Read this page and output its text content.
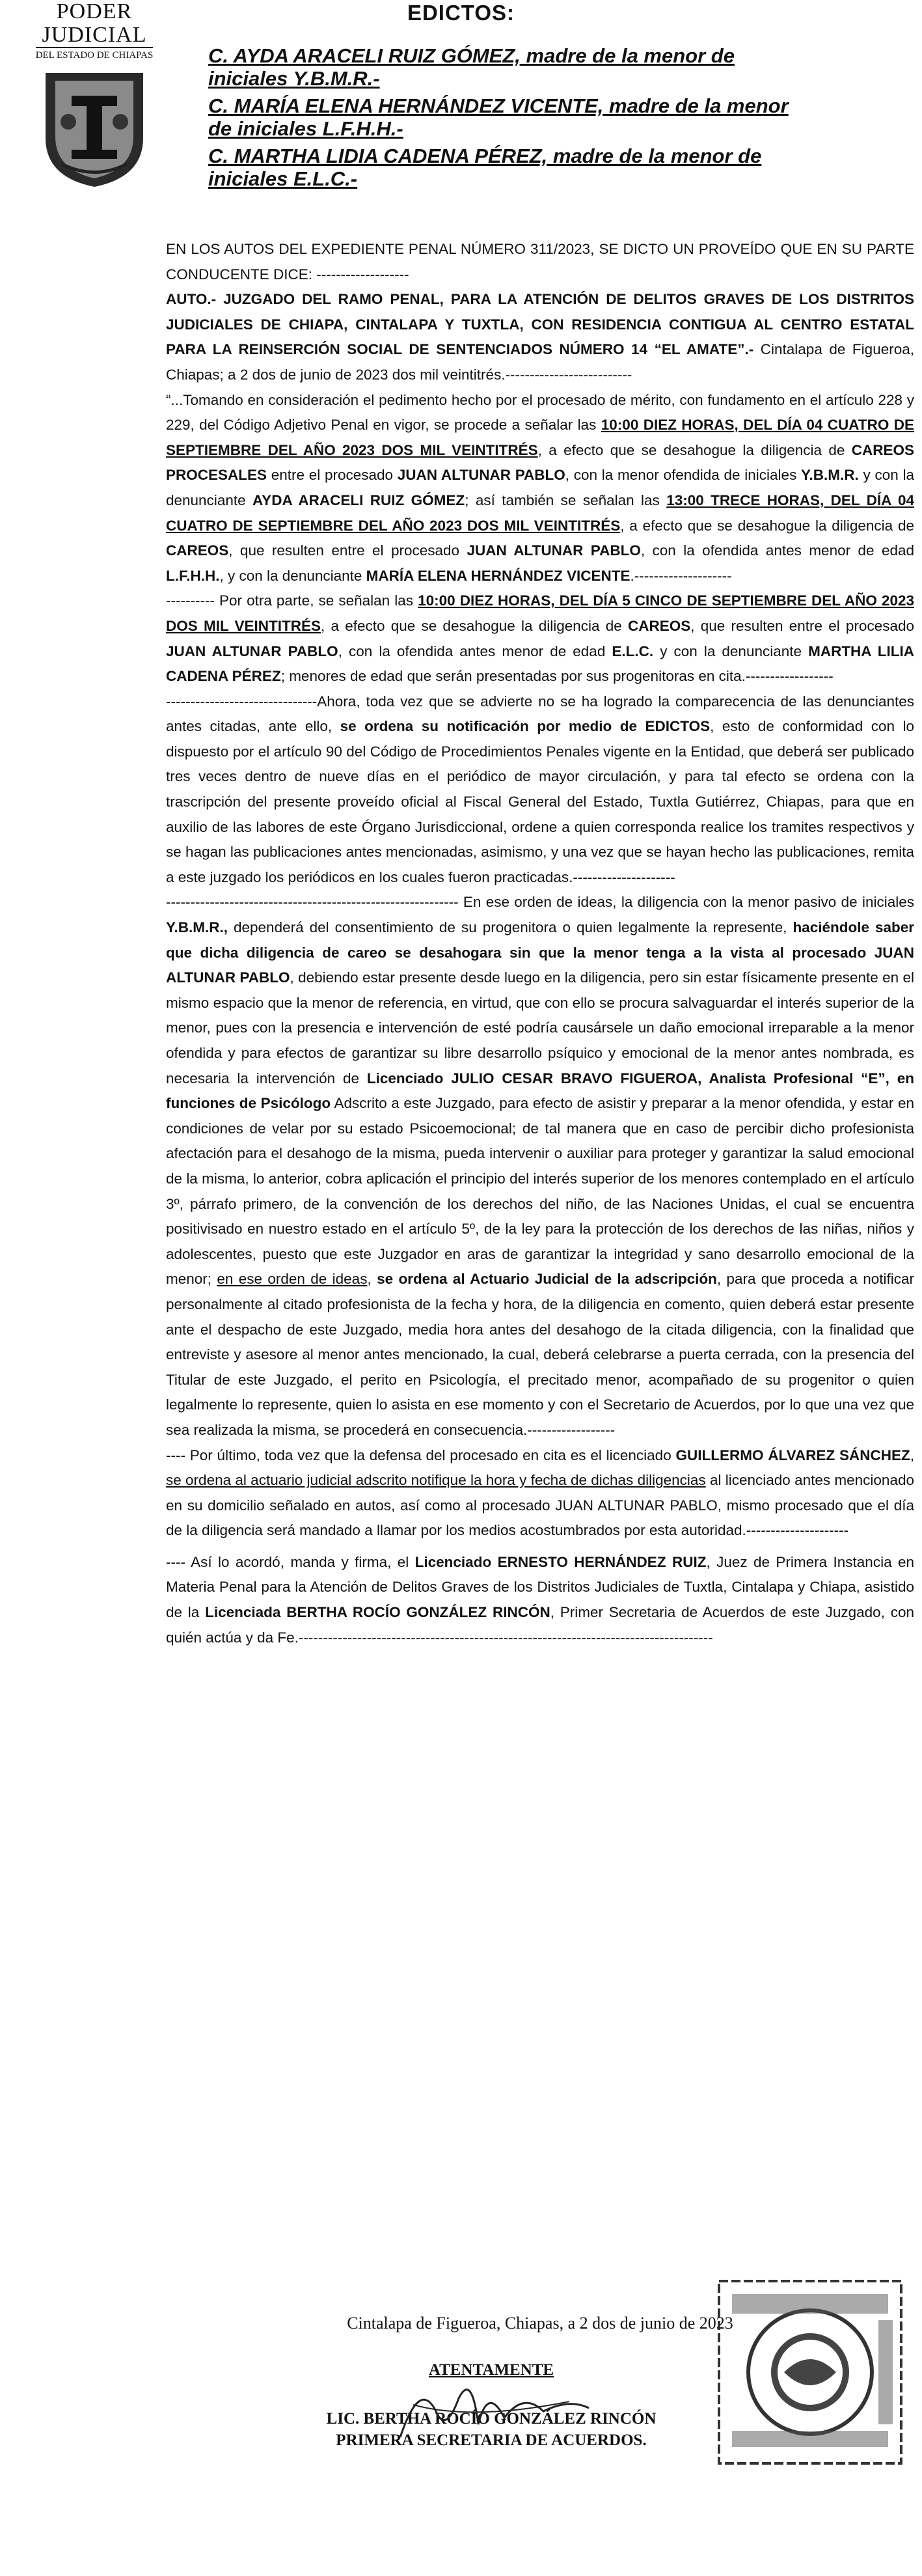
PODER JUDICIAL
DEL ESTADO DE CHIAPAS
EDICTOS:
C. AYDA ARACELI RUIZ GÓMEZ, madre de la menor de iniciales Y.B.M.R.-
C. MARÍA ELENA HERNÁNDEZ VICENTE, madre de la menor de iniciales L.F.H.H.-
C. MARTHA LIDIA CADENA PÉREZ, madre de la menor de iniciales E.L.C.-

EN LOS AUTOS DEL EXPEDIENTE PENAL NÚMERO 311/2023, SE DICTO UN PROVEÍDO QUE EN SU PARTE CONDUCENTE DICE: -------------------

AUTO.- JUZGADO DEL RAMO PENAL, PARA LA ATENCIÓN DE DELITOS GRAVES DE LOS DISTRITOS JUDICIALES DE CHIAPA, CINTALAPA Y TUXTLA, CON RESIDENCIA CONTIGUA AL CENTRO ESTATAL PARA LA REINSERCIÓN SOCIAL DE SENTENCIADOS NÚMERO 14 “EL AMATE”.- Cintalapa de Figueroa, Chiapas; a 2 dos de junio de 2023 dos mil veintitrés.--------------------------

“...Tomando en consideración el pedimento hecho por el procesado de mérito, con fundamento en el artículo 228 y 229, del Código Adjetivo Penal en vigor, se procede a señalar las 10:00 DIEZ HORAS, DEL DÍA 04 CUATRO DE SEPTIEMBRE DEL AÑO 2023 DOS MIL VEINTITRÉS, a efecto que se desahogue la diligencia de CAREOS PROCESALES entre el procesado JUAN ALTUNAR PABLO, con la menor ofendida de iniciales Y.B.M.R. y con la denunciante AYDA ARACELI RUIZ GÓMEZ; así también se señalan las 13:00 TRECE HORAS, DEL DÍA 04 CUATRO DE SEPTIEMBRE DEL AÑO 2023 DOS MIL VEINTITRÉS, a efecto que se desahogue la diligencia de CAREOS, que resulten entre el procesado JUAN ALTUNAR PABLO, con la ofendida antes menor de edad L.F.H.H., y con la denunciante MARÍA ELENA HERNÁNDEZ VICENTE.--------------------

---------- Por otra parte, se señalan las 10:00 DIEZ HORAS, DEL DÍA 5 CINCO DE SEPTIEMBRE DEL AÑO 2023 DOS MIL VEINTITRÉS, a efecto que se desahogue la diligencia de CAREOS, que resulten entre el procesado JUAN ALTUNAR PABLO, con la ofendida antes menor de edad E.L.C. y con la denunciante MARTHA LILIA CADENA PÉREZ; menores de edad que serán presentadas por sus progenitoras en cita.------------------

-------------------------------Ahora, toda vez que se advierte no se ha logrado la comparecencia de las denunciantes antes citadas, ante ello, se ordena su notificación por medio de EDICTOS, esto de conformidad con lo dispuesto por el artículo 90 del Código de Procedimientos Penales vigente en la Entidad, que deberá ser publicado tres veces dentro de nueve días en el periódico de mayor circulación, y para tal efecto se ordena con la trascripción del presente proveído oficial al Fiscal General del Estado, Tuxtla Gutiérrez, Chiapas, para que en auxilio de las labores de este Órgano Jurisdiccional, ordene a quien corresponda realice los tramites respectivos y se hagan las publicaciones antes mencionadas, asimismo, y una vez que se hayan hecho las publicaciones, remita a este juzgado los periódicos en los cuales fueron practicadas.---------------------

------------------------------------------------------------ En ese orden de ideas, la diligencia con la menor pasivo de iniciales Y.B.M.R., dependerá del consentimiento de su progenitora o quien legalmente la represente, haciéndole saber que dicha diligencia de careo se desahogara sin que la menor tenga a la vista al procesado JUAN ALTUNAR PABLO, debiendo estar presente desde luego en la diligencia, pero sin estar físicamente presente en el mismo espacio que la menor de referencia, en virtud, que con ello se procura salvaguardar el interés superior de la menor, pues con la presencia e intervención de esté podría causársele un daño emocional irreparable a la menor ofendida y para efectos de garantizar su libre desarrollo psíquico y emocional de la menor antes nombrada, es necesaria la intervención de Licenciado JULIO CESAR BRAVO FIGUEROA, Analista Profesional “E”, en funciones de Psicólogo Adscrito a este Juzgado, para efecto de asistir y preparar a la menor ofendida, y estar en condiciones de velar por su estado Psicoemocional; de tal manera que en caso de percibir dicho profesionista afectación para el desahogo de la misma, pueda intervenir o auxiliar para proteger y garantizar la salud emocional de la misma, lo anterior, cobra aplicación el principio del interés superior de los menores contemplado en el artículo 3º, párrafo primero, de la convención de los derechos del niño, de las Naciones Unidas, el cual se encuentra positivisado en nuestro estado en el artículo 5º, de la ley para la protección de los derechos de las niñas, niños y adolescentes, puesto que este Juzgador en aras de garantizar la integridad y sano desarrollo emocional de la menor; en ese orden de ideas, se ordena al Actuario Judicial de la adscripción, para que proceda a notificar personalmente al citado profesionista de la fecha y hora, de la diligencia en comento, quien deberá estar presente ante el despacho de este Juzgado, media hora antes del desahogo de la citada diligencia, con la finalidad que entreviste y asesore al menor antes mencionado, la cual, deberá celebrarse a puerta cerrada, con la presencia del Titular de este Juzgado, el perito en Psicología, el precitado menor, acompañado de su progenitor o quien legalmente lo represente, quien lo asista en ese momento y con el Secretario de Acuerdos, por lo que una vez que sea realizada la misma, se procederá en consecuencia.------------------

---- Por último, toda vez que la defensa del procesado en cita es el licenciado GUILLERMO ÁLVAREZ SÁNCHEZ, se ordena al actuario judicial adscrito notifique la hora y fecha de dichas diligencias al licenciado antes mencionado en su domicilio señalado en autos, así como al procesado JUAN ALTUNAR PABLO, mismo procesado que el día de la diligencia será mandado a llamar por los medios acostumbrados por esta autoridad.---------------------

---- Así lo acordó, manda y firma, el Licenciado ERNESTO HERNÁNDEZ RUIZ, Juez de Primera Instancia en Materia Penal para la Atención de Delitos Graves de los Distritos Judiciales de Tuxtla, Cintalapa y Chiapa, asistido de la Licenciada BERTHA ROCÍO GONZÁLEZ RINCÓN, Primer Secretaria de Acuerdos de este Juzgado, con quién actúa y da Fe.-------------------------------------------------------------------------------------

Cintalapa de Figueroa, Chiapas, a 2 dos de junio de 2023
ATENTAMENTE
LIC. BERTHA ROCÍO GONZÁLEZ RINCÓN
PRIMERA SECRETARIA DE ACUERDOS.
